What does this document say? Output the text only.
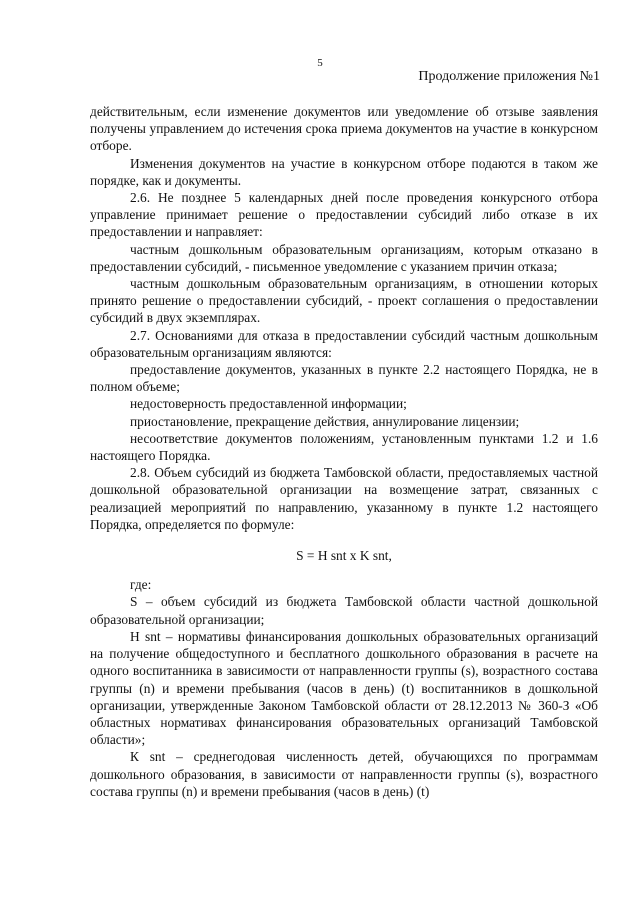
5
Продолжение приложения №1

действительным, если изменение документов или уведомление об отзыве заявления получены управлением до истечения срока приема документов на участие в конкурсном отборе.

Изменения документов на участие в конкурсном отборе подаются в таком же порядке, как и документы.

2.6. Не позднее 5 календарных дней после проведения конкурсного отбора управление принимает решение о предоставлении субсидий либо отказе в их предоставлении и направляет:

частным дошкольным образовательным организациям, которым отказано в предоставлении субсидий, - письменное уведомление с указанием причин отказа;

частным дошкольным образовательным организациям, в отношении которых принято решение о предоставлении субсидий, - проект соглашения о предоставлении субсидий в двух экземплярах.

2.7. Основаниями для отказа в предоставлении субсидий частным дошкольным образовательным организациям являются:

предоставление документов, указанных в пункте 2.2 настоящего Порядка, не в полном объеме;

недостоверность предоставленной информации;

приостановление, прекращение действия, аннулирование лицензии;

несоответствие документов положениям, установленным пунктами 1.2 и 1.6 настоящего Порядка.

2.8. Объем субсидий из бюджета Тамбовской области, предоставляемых частной дошкольной образовательной организации на возмещение затрат, связанных с реализацией мероприятий по направлению, указанному в пункте 1.2 настоящего Порядка, определяется по формуле:

S = H snt x K snt,

где:

S – объем субсидий из бюджета Тамбовской области частной дошкольной образовательной организации;

H snt – нормативы финансирования дошкольных образовательных организаций на получение общедоступного и бесплатного дошкольного образования в расчете на одного воспитанника в зависимости от направленности группы (s), возрастного состава группы (n) и времени пребывания (часов в день) (t) воспитанников в дошкольной организации, утвержденные Законом Тамбовской области от 28.12.2013 № 360-З «Об областных нормативах финансирования образовательных организаций Тамбовской области»;

К snt – среднегодовая численность детей, обучающихся по программам дошкольного образования, в зависимости от направленности группы (s), возрастного состава группы (n) и времени пребывания (часов в день) (t)
